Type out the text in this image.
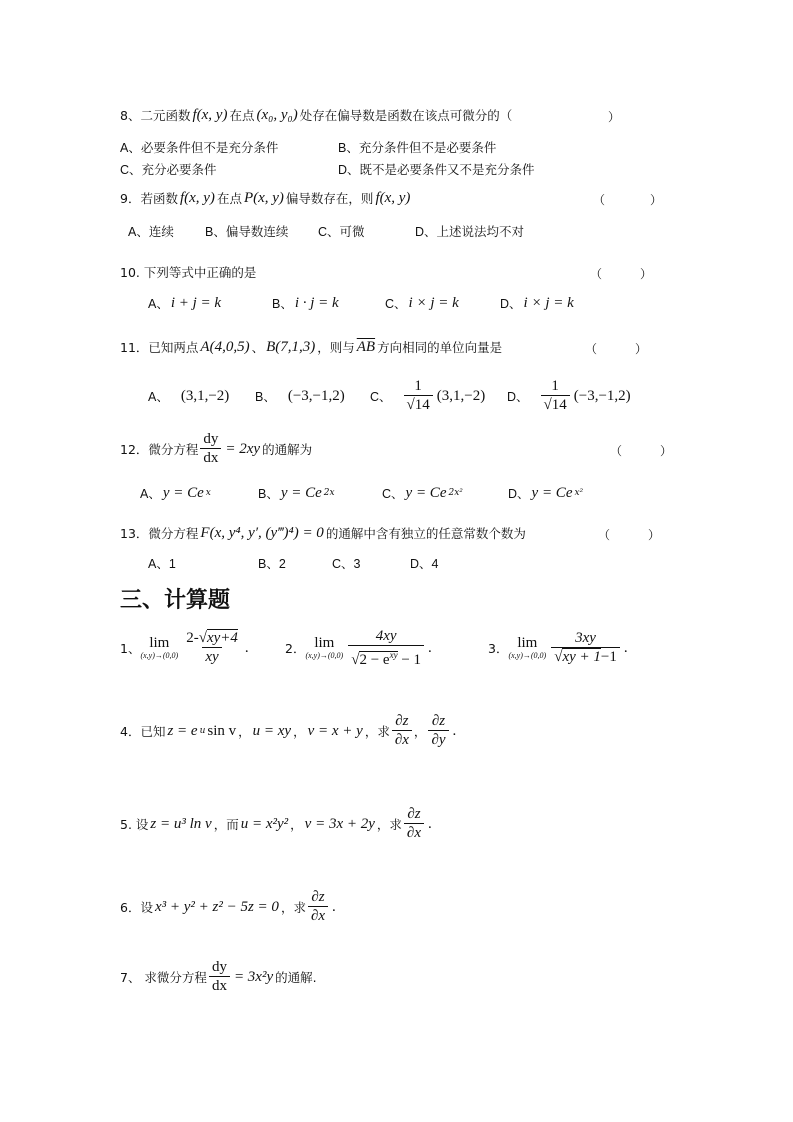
8、 二元函数 f(x, y) 在点 (x₀, y₀) 处存在偏导数是函数在该点可微分的（	）
A、必要条件但不是充分条件	B、充分条件但不是必要条件
C、充分必要条件	D、既不是必要条件又不是充分条件
9．若函数 f(x, y) 在点 P(x, y) 偏导数存在，则 f(x, y)	（	）
A、连续 B、偏导数连续 C、可微	D、上述说法均不对
10. 下列等式中正确的是	（	）
A、 i + j = k	B、 i · j = k	C、 i × j = k	D、 i × j = k
11．已知两点 A(4,0,5) 、 B(7,1,3) ，则与 $\overline{AB}$ 方向相同的单位向量是	（	）
A、 (3,1,−2) B、 (−3,−1,2) C、 $\frac{1}{√14} (3,1,-2)$ D、 $\frac{1}{√14} (-3,-1,2)$
12．微分方程 $\frac{dy}{dx} = 2xy$ 的通解为	（	）
A、 y = Ce x	B、 y = Ce 2x	C、 y = Ce 2x²	D、 y = Ce x²
13．微分方程 F(x, y⁴, y′, (y‴)⁴) = 0 的通解中含有独立的任意常数个数为	（	）
A、1	B、2	C、3	D、4
三、计算题
1、 lim
$(x,y)\to(0,0) \frac{2-√xy+4}{xy}$ .	2． lim
$(x,y)\to(0,0) \frac{4xy}{√2 - e^{xy} - 1}$ .	3． lim
$(x,y)\to(0,0) \frac{3xy}{√xy + 1-1}$ .
4．已知 z = e u sin v ， u = xy ， v = x + y ，求 $\frac{\partial z}{\partial x}$ ， $\frac{\partial z}{\partial y}$ .
5. 设 z = u³ ln v ，而 u = x²y² ， v = 3x + 2y ，求 $\frac{\partial z}{\partial x}$ .
6．设 x³ + y² + z² − 5z = 0 ，求 $\frac{\partial z}{\partial x}$ .
7、 求微分方程 $\frac{dy}{dx} = 3x^2y$ 的通解.
